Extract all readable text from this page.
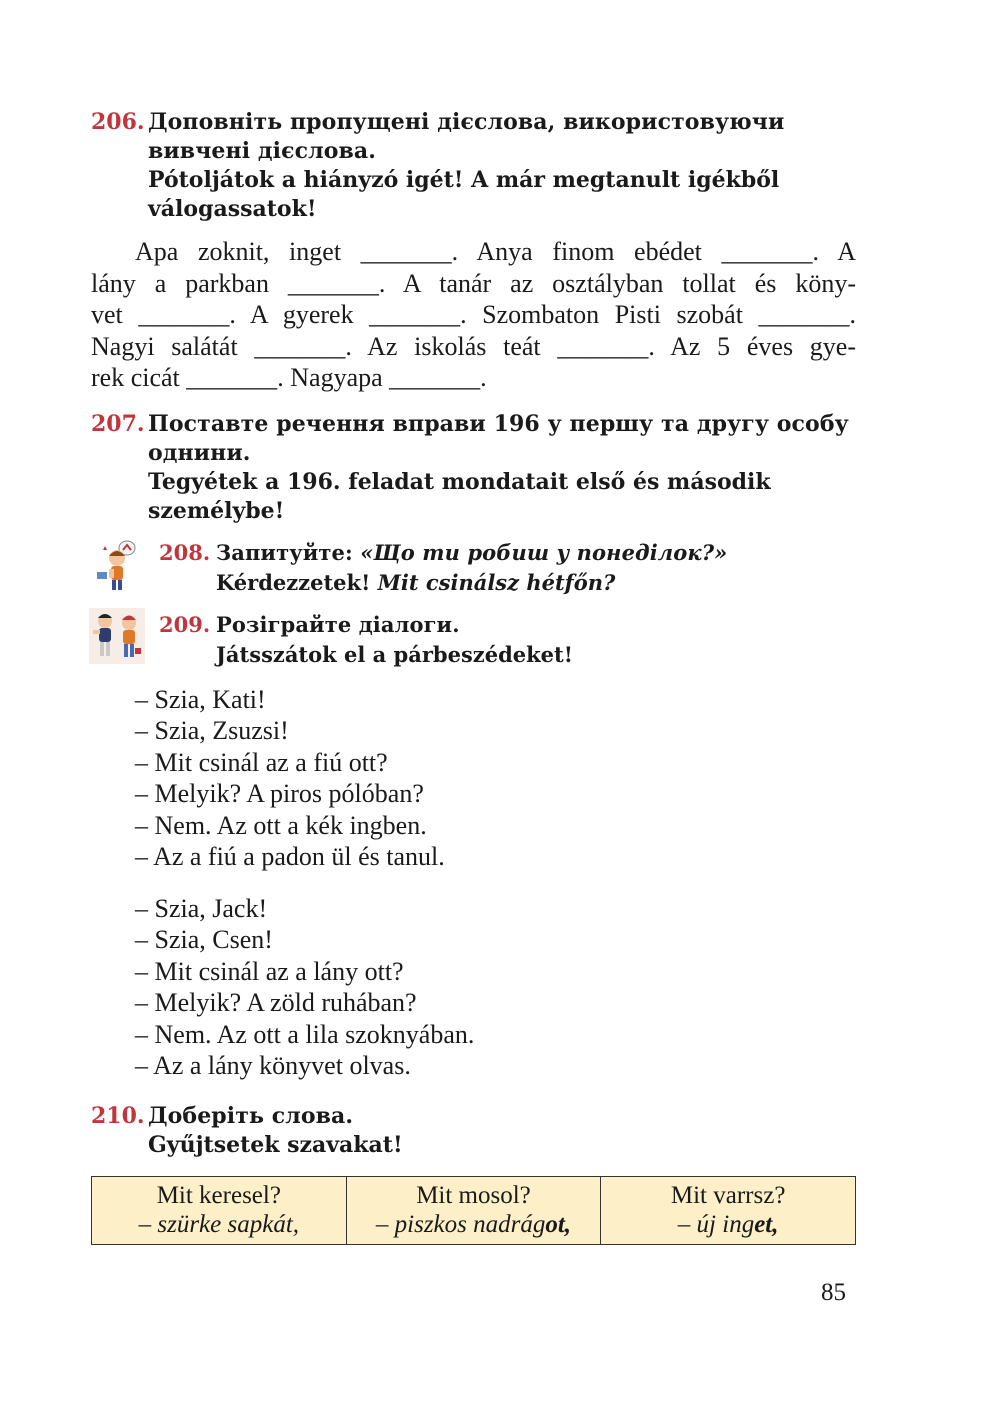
206. Доповніть пропущені дієслова, використовуючи
вивчені дієслова.
Pótoljátok a hiányzó igét! A már megtanult igékből
válogassatok!

Apa zoknit, inget _______. Anya finom ebédet _______. A
lány a parkban _______. A tanár az osztályban tollat és köny-
vet _______. A gyerek _______. Szombaton Pisti szobát _______.
Nagyi salátát _______. Az iskolás teát _______. Az 5 éves gye-
rek cicát _______. Nagyapa _______.

207. Поставте речення вправи 196 у першу та другу особу
однини.
Tegyétek a 196. feladat mondatait első és második
személybe!
208. Запитуйте: «Що ти робиш у понеділок?»
Kérdezzetek! Mit csinálsz hétfőn?
209. Розіграйте діалоги.
Játsszátok el a párbeszédeket!
– Szia, Kati!
– Szia, Zsuzsi!
– Mit csinál az a fiú ott?
– Melyik? A piros pólóban?
– Nem. Az ott a kék ingben.
– Az a fiú a padon ül és tanul.
– Szia, Jack!
– Szia, Csen!
– Mit csinál az a lány ott?
– Melyik? A zöld ruhában?
– Nem. Az ott a lila szoknyában.
– Az a lány könyvet olvas.
210. Доберіть слова.
Gyűjtsetek szavakat!
Mit keresel?
– szürke sapkát,

Mit mosol?
– piszkos nadrágot,

Mit varrsz?
– új inget,
85
